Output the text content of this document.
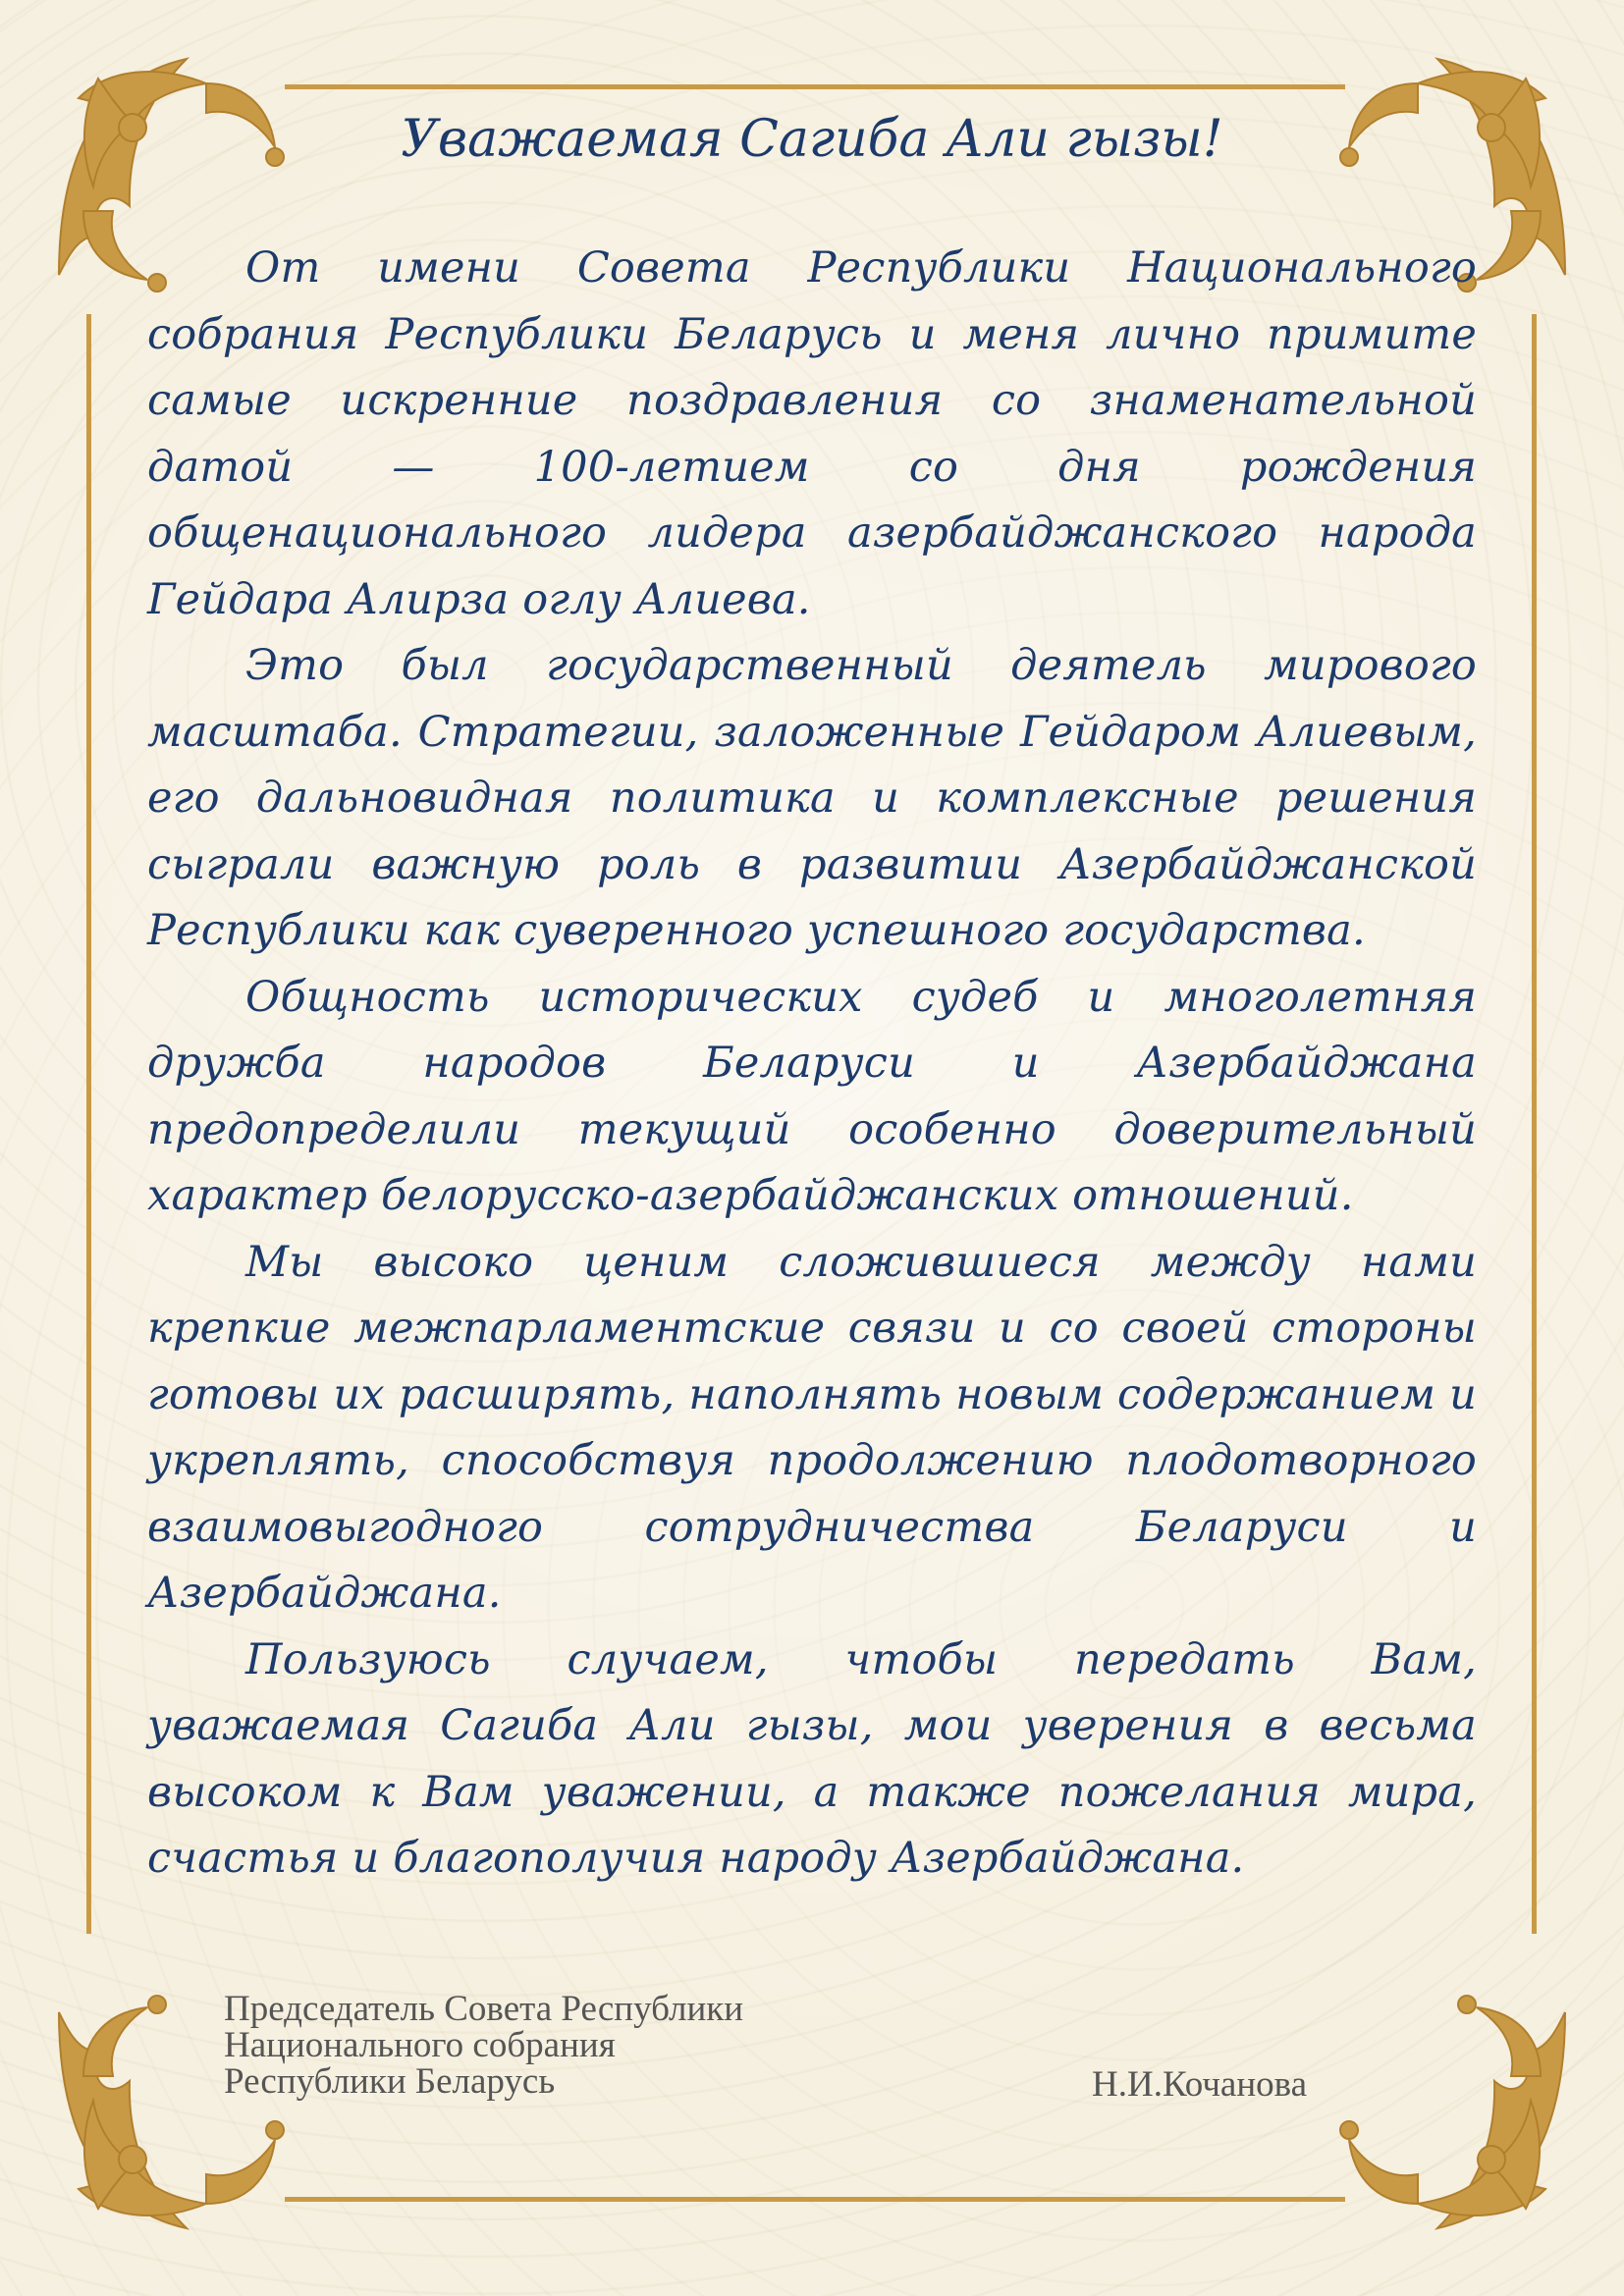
Уважаемая Сагиба Али гызы!

От имени Совета Республики Национального собрания Республики Беларусь и меня лично примите самые искренние поздравления со знаменательной датой — 100-летием со дня рождения общенационального лидера азербайджанского народа Гейдара Алирза оглу Алиева.

Это был государственный деятель мирового масштаба. Стратегии, заложенные Гейдаром Алиевым, его дальновидная политика и комплексные решения сыграли важную роль в развитии Азербайджанской Республики как суверенного успешного государства.

Общность исторических судеб и многолетняя дружба народов Беларуси и Азербайджана предопределили текущий особенно доверительный характер белорусско-азербайджанских отношений.

Мы высоко ценим сложившиеся между нами крепкие межпарламентские связи и со своей стороны готовы их расширять, наполнять новым содержанием и укреплять, способствуя продолжению плодотворного взаимовыгодного сотрудничества Беларуси и Азербайджана.

Пользуюсь случаем, чтобы передать Вам, уважаемая Сагиба Али гызы, мои уверения в весьма высоком к Вам уважении, а также пожелания мира, счастья и благополучия народу Азербайджана.

Председатель Совета Республики
Национального собрания
Республики Беларусь	Н.И.Кочанова
